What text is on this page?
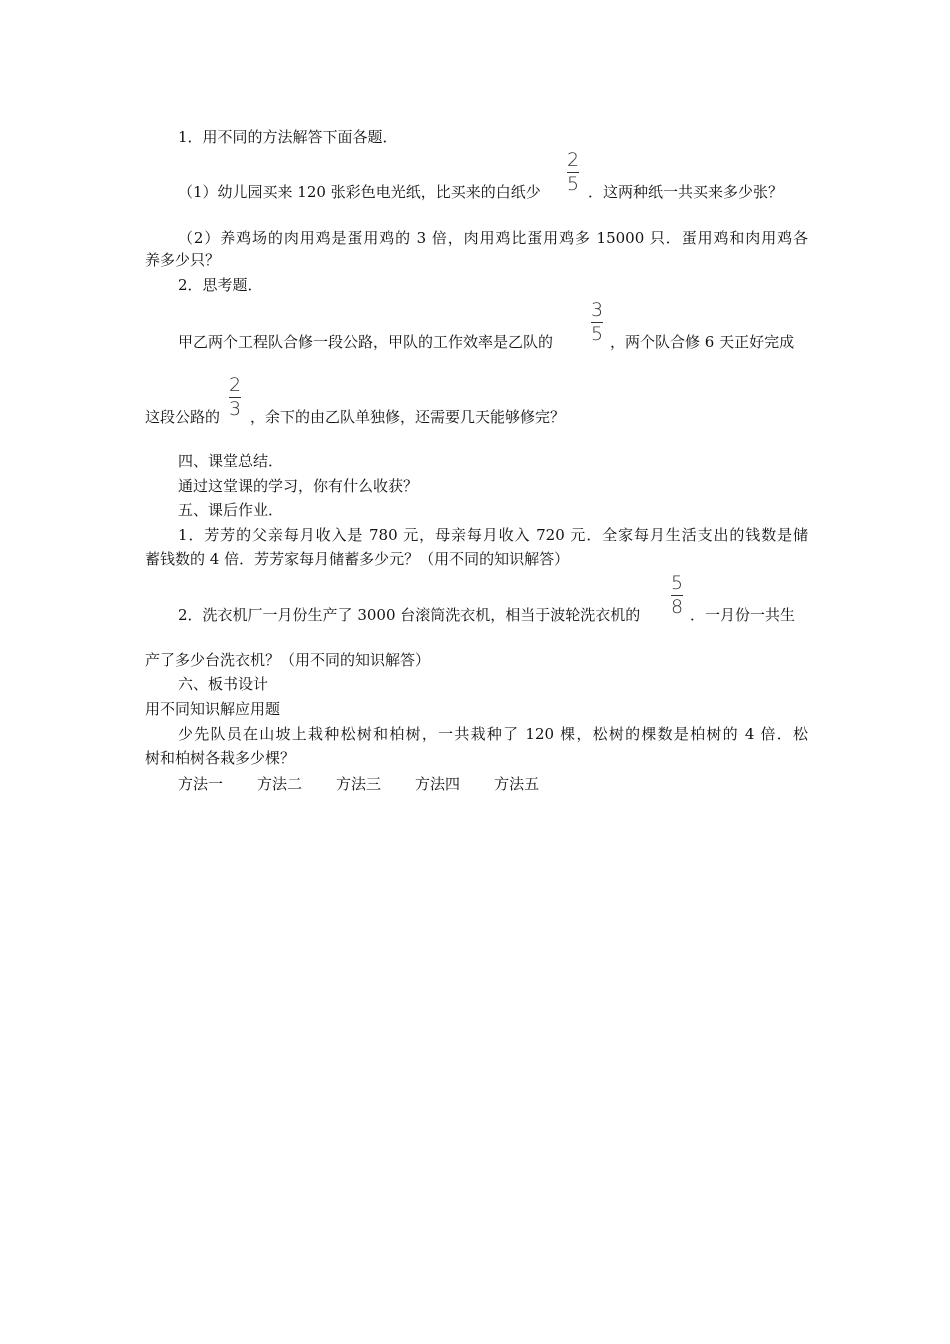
1．用不同的方法解答下面各题．
（1）幼儿园买来 120 张彩色电光纸，比买来的白纸少
2
5 ．这两种纸一共买来多少张？
（2）养鸡场的肉用鸡是蛋用鸡的 3 倍，肉用鸡比蛋用鸡多 15000 只．蛋用鸡和肉用鸡各
养多少只？
2．思考题．
甲乙两个工程队合修一段公路，甲队的工作效率是乙队的
3
5 ，两个队合修 6 天正好完成
这段公路的
2
3 ，余下的由乙队单独修，还需要几天能够修完？
四、课堂总结．
通过这堂课的学习，你有什么收获？
五、课后作业．
1．芳芳的父亲每月收入是 780 元，母亲每月收入 720 元．全家每月生活支出的钱数是储
蓄钱数的 4 倍．芳芳家每月储蓄多少元？（用不同的知识解答）
2．洗衣机厂一月份生产了 3000 台滚筒洗衣机，相当于波轮洗衣机的
5
8 ．一月份一共生
产了多少台洗衣机？（用不同的知识解答）
六、板书设计
用不同知识解应用题
少先队员在山坡上栽种松树和柏树，一共栽种了 120 棵，松树的棵数是柏树的 4 倍．松
树和柏树各栽多少棵？
方法一 方法二 方法三 方法四 方法五
